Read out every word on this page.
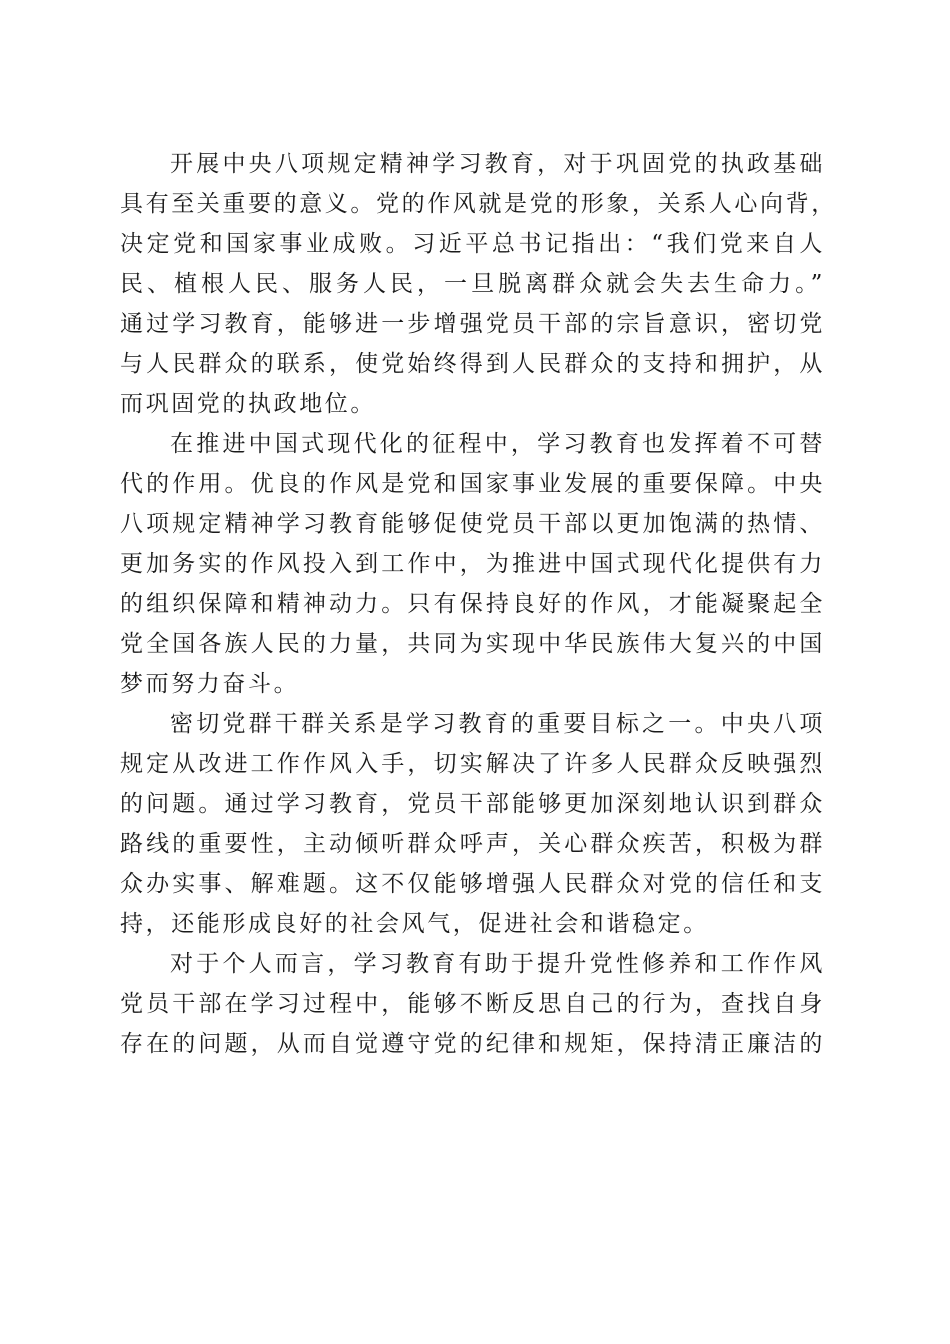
开展中央八项规定精神学习教育，对于巩固党的执政基础
具有至关重要的意义。党的作风就是党的形象，关系人心向背，
决定党和国家事业成败。习近平总书记指出：“我们党来自人
民、植根人民、服务人民，一旦脱离群众就会失去生命力。”
通过学习教育，能够进一步增强党员干部的宗旨意识，密切党
与人民群众的联系，使党始终得到人民群众的支持和拥护，从
而巩固党的执政地位。
在推进中国式现代化的征程中，学习教育也发挥着不可替
代的作用。优良的作风是党和国家事业发展的重要保障。中央
八项规定精神学习教育能够促使党员干部以更加饱满的热情、
更加务实的作风投入到工作中，为推进中国式现代化提供有力
的组织保障和精神动力。只有保持良好的作风，才能凝聚起全
党全国各族人民的力量，共同为实现中华民族伟大复兴的中国
梦而努力奋斗。
密切党群干群关系是学习教育的重要目标之一。中央八项
规定从改进工作作风入手，切实解决了许多人民群众反映强烈
的问题。通过学习教育，党员干部能够更加深刻地认识到群众
路线的重要性，主动倾听群众呼声，关心群众疾苦，积极为群
众办实事、解难题。这不仅能够增强人民群众对党的信任和支
持，还能形成良好的社会风气，促进社会和谐稳定。
对于个人而言，学习教育有助于提升党性修养和工作作风
党员干部在学习过程中，能够不断反思自己的行为，查找自身
存在的问题，从而自觉遵守党的纪律和规矩，保持清正廉洁的
